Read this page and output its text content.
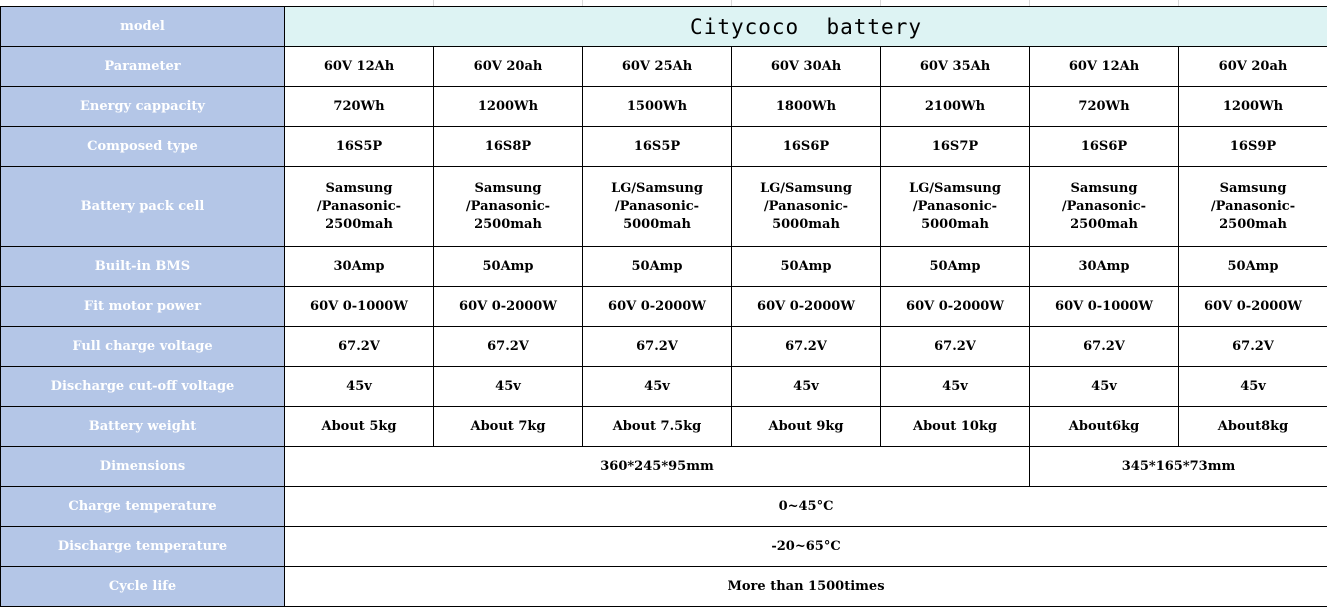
model	Citycoco  battery						
Parameter	60V 12Ah	60V 20ah	60V 25Ah	60V 30Ah	60V 35Ah	60V 12Ah	60V 20ah
Energy cappacity	720Wh	1200Wh	1500Wh	1800Wh	2100Wh	720Wh	1200Wh
Composed type	16S5P	16S8P	16S5P	16S6P	16S7P	16S6P	16S9P
Battery pack cell	Samsung /Panasonic-2500mah	Samsung /Panasonic-2500mah	LG/Samsung /Panasonic-5000mah	LG/Samsung /Panasonic-5000mah	LG/Samsung /Panasonic-5000mah	Samsung /Panasonic-2500mah	Samsung /Panasonic-2500mah
Built-in BMS	30Amp	50Amp	50Amp	50Amp	50Amp	30Amp	50Amp
Fit motor power	60V 0-1000W	60V 0-2000W	60V 0-2000W	60V 0-2000W	60V 0-2000W	60V 0-1000W	60V 0-2000W
Full charge voltage	67.2V	67.2V	67.2V	67.2V	67.2V	67.2V	67.2V
Discharge cut-off voltage	45v	45v	45v	45v	45v	45v	45v
Battery weight	About 5kg	About 7kg	About 7.5kg	About 9kg	About 10kg	About6kg	About8kg
Dimensions	360*245*95mm					345*165*73mm	
Charge temperature	0~45°C						
Discharge temperature	-20~65°C						
Cycle life	More than 1500times						
